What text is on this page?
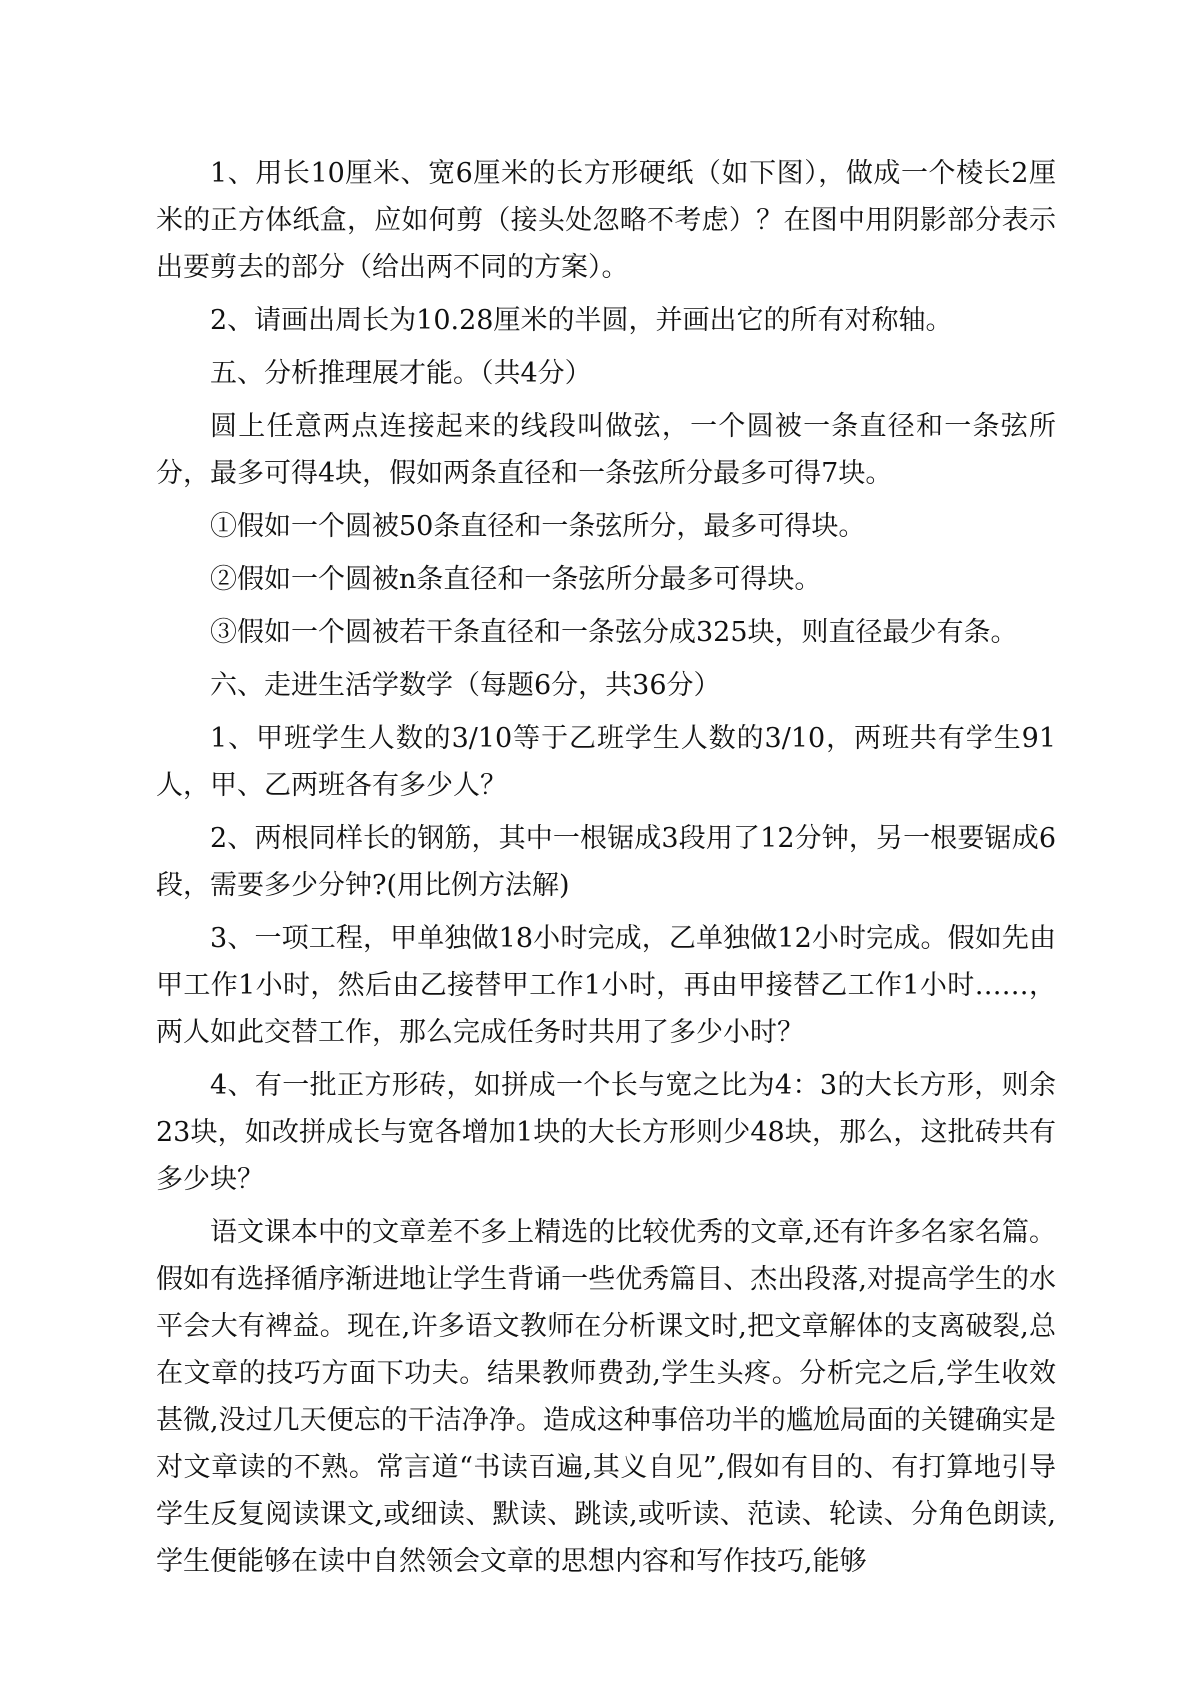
1、用长10厘米、宽6厘米的长方形硬纸（如下图），做成一个棱长2厘米的正方体纸盒，应如何剪（接头处忽略不考虑）？在图中用阴影部分表示出要剪去的部分（给出两不同的方案）。

2、请画出周长为10.28厘米的半圆，并画出它的所有对称轴。

五、分析推理展才能。（共4分）

圆上任意两点连接起来的线段叫做弦，一个圆被一条直径和一条弦所分，最多可得4块，假如两条直径和一条弦所分最多可得7块。

①假如一个圆被50条直径和一条弦所分，最多可得块。

②假如一个圆被n条直径和一条弦所分最多可得块。

③假如一个圆被若干条直径和一条弦分成325块，则直径最少有条。

六、走进生活学数学（每题6分，共36分）

1、甲班学生人数的3/10等于乙班学生人数的3/10，两班共有学生91人，甲、乙两班各有多少人？

2、两根同样长的钢筋，其中一根锯成3段用了12分钟，另一根要锯成6段，需要多少分钟?(用比例方法解)

3、一项工程，甲单独做18小时完成，乙单独做12小时完成。假如先由甲工作1小时，然后由乙接替甲工作1小时，再由甲接替乙工作1小时……，两人如此交替工作，那么完成任务时共用了多少小时？

4、有一批正方形砖，如拼成一个长与宽之比为4：3的大长方形，则余23块，如改拼成长与宽各增加1块的大长方形则少48块，那么，这批砖共有多少块？

语文课本中的文章差不多上精选的比较优秀的文章,还有许多名家名篇。假如有选择循序渐进地让学生背诵一些优秀篇目、杰出段落,对提高学生的水平会大有裨益。现在,许多语文教师在分析课文时,把文章解体的支离破裂,总在文章的技巧方面下功夫。结果教师费劲,学生头疼。分析完之后,学生收效甚微,没过几天便忘的干洁净净。造成这种事倍功半的尴尬局面的关键确实是对文章读的不熟。常言道“书读百遍,其义自见”,假如有目的、有打算地引导学生反复阅读课文,或细读、默读、跳读,或听读、范读、轮读、分角色朗读,学生便能够在读中自然领会文章的思想内容和写作技巧,能够
